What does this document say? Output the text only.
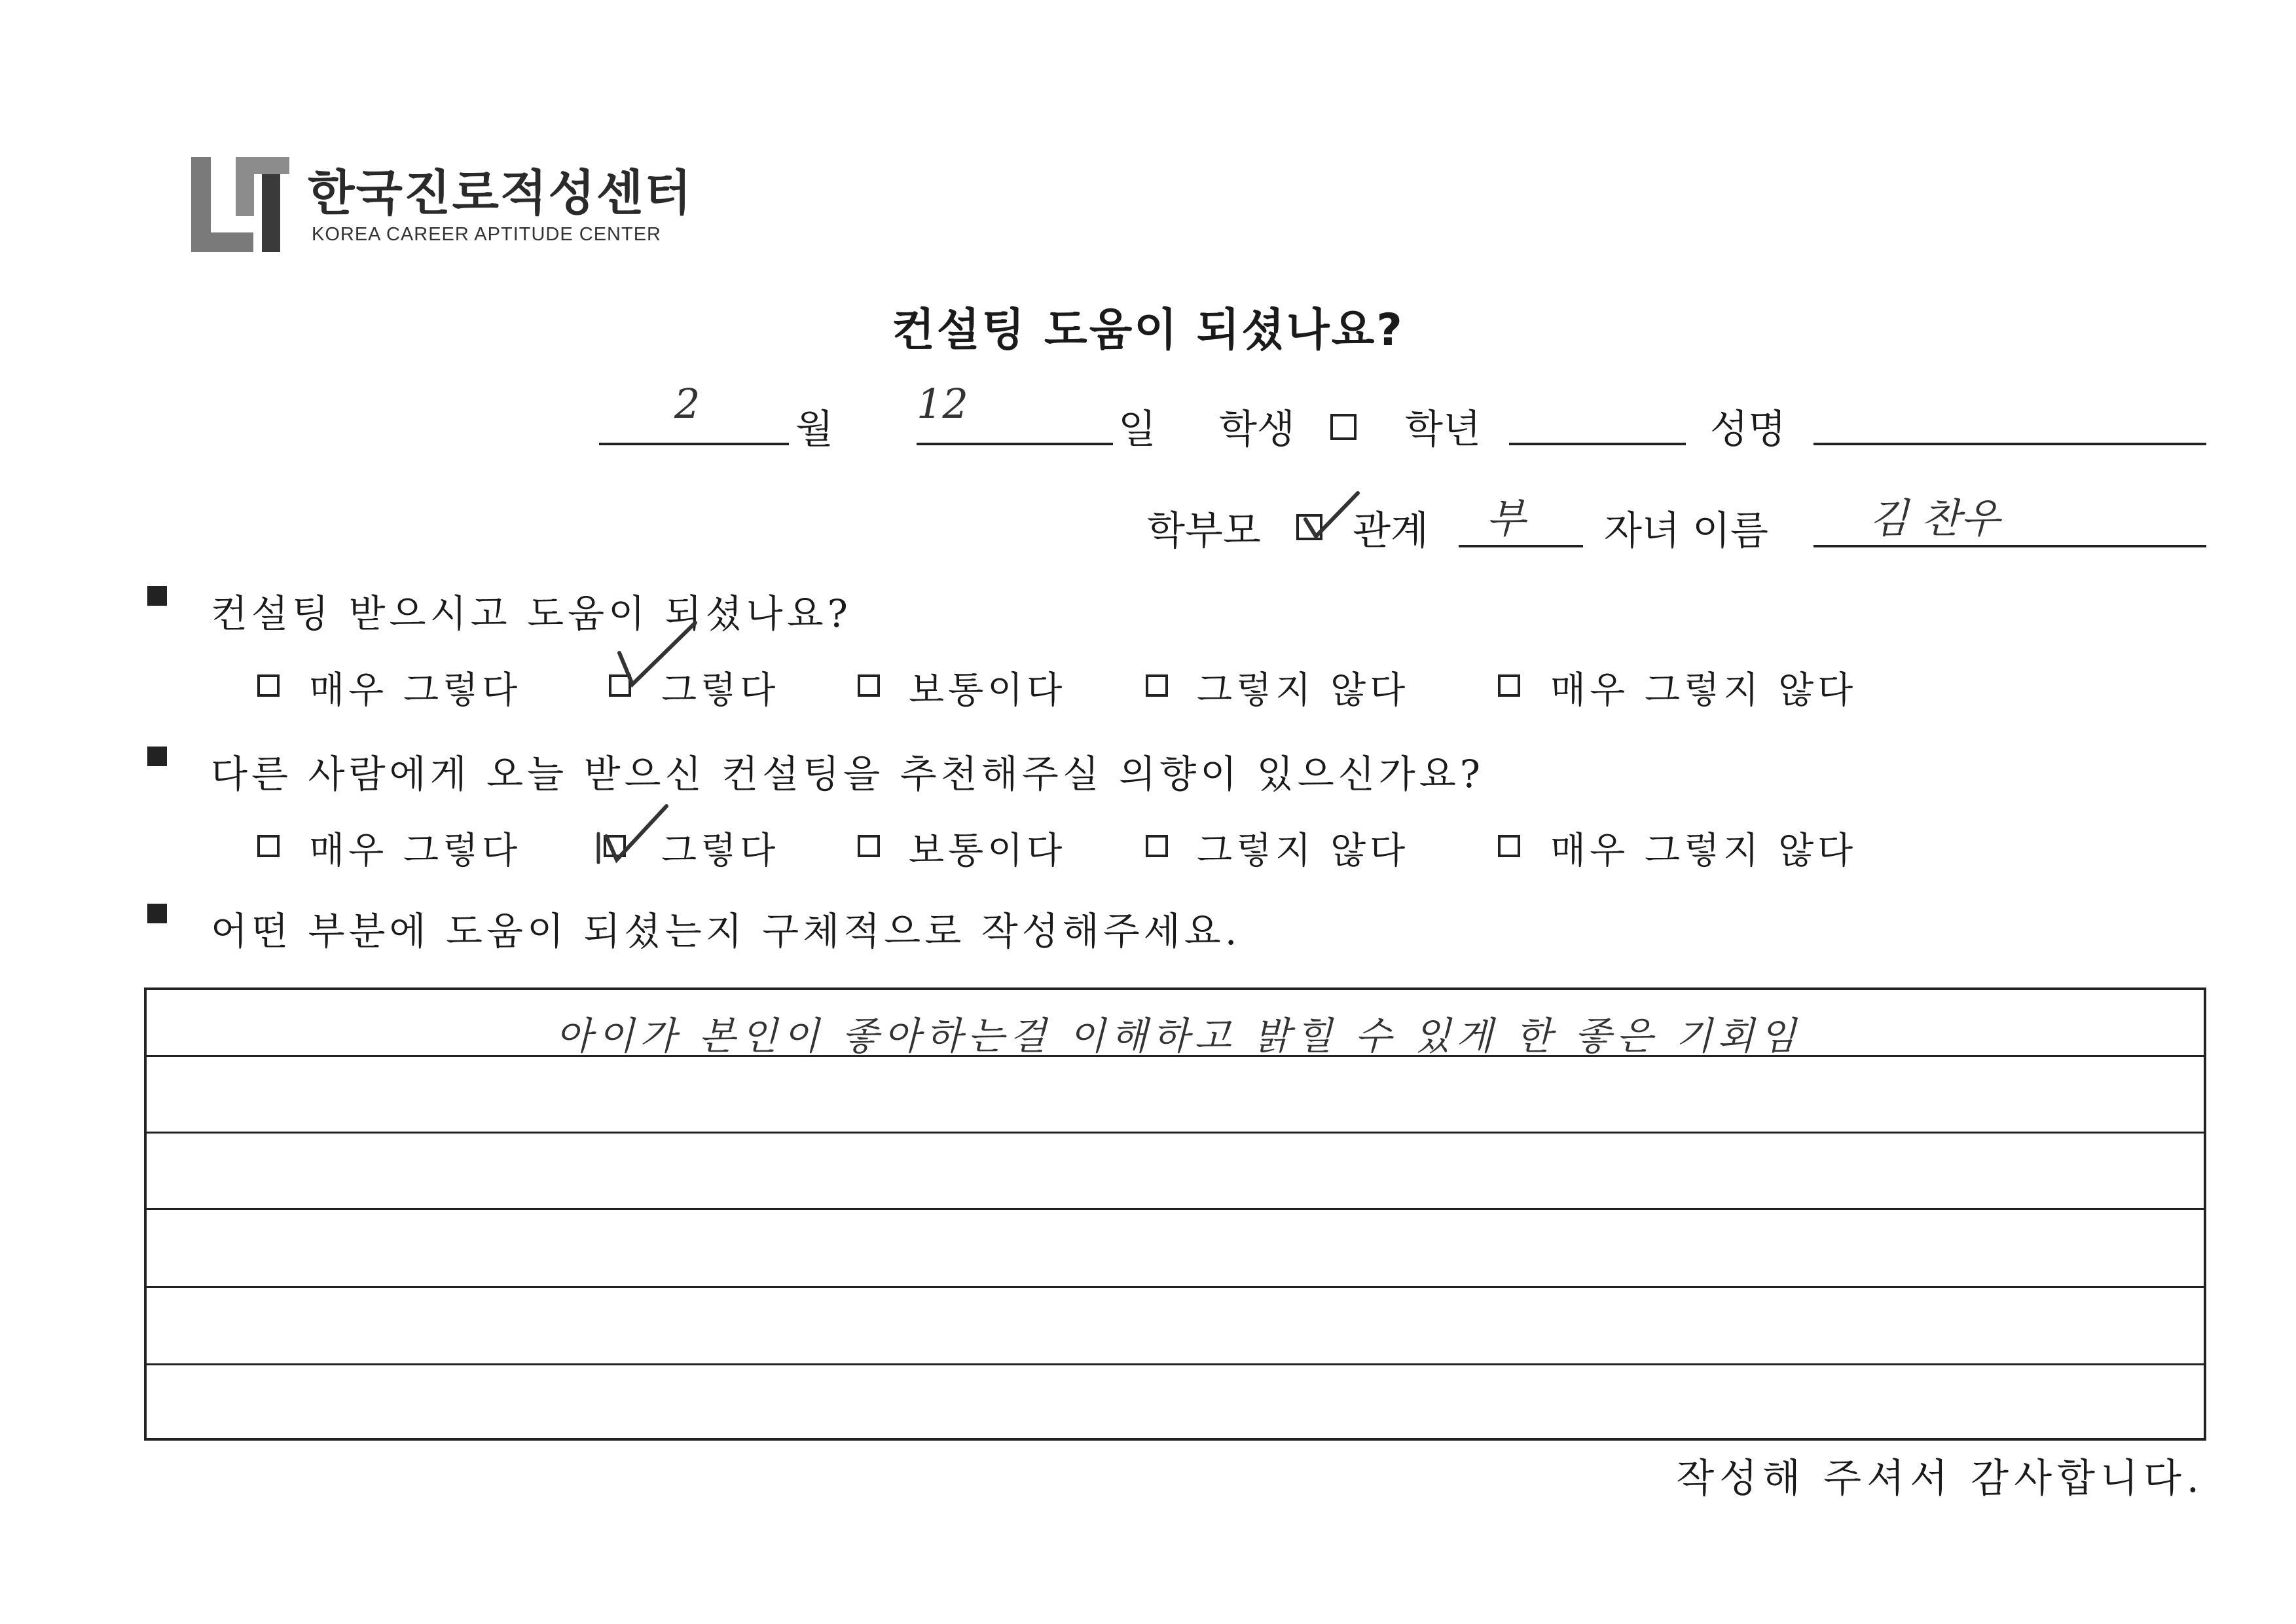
한국진로적성센터
KOREA CAREER APTITUDE CENTER
컨설팅 도움이 되셨나요?
2
월
12
일 학생	학년	성명
학부모 관계 부 자녀 이름 김 찬우
컨설팅 받으시고 도움이 되셨나요?
매우 그렇다	그렇다	보통이다	그렇지 않다	매우 그렇지 않다
다른 사람에게 오늘 받으신 컨설팅을 추천해주실 의향이 있으신가요?
매우 그렇다	그렇다	보통이다	그렇지 않다	매우 그렇지 않다
어떤 부분에 도움이 되셨는지 구체적으로 작성해주세요.
아이가 본인이 좋아하는걸 이해하고 밝힐 수 있게 한 좋은 기회임
작성해 주셔서 감사합니다.
